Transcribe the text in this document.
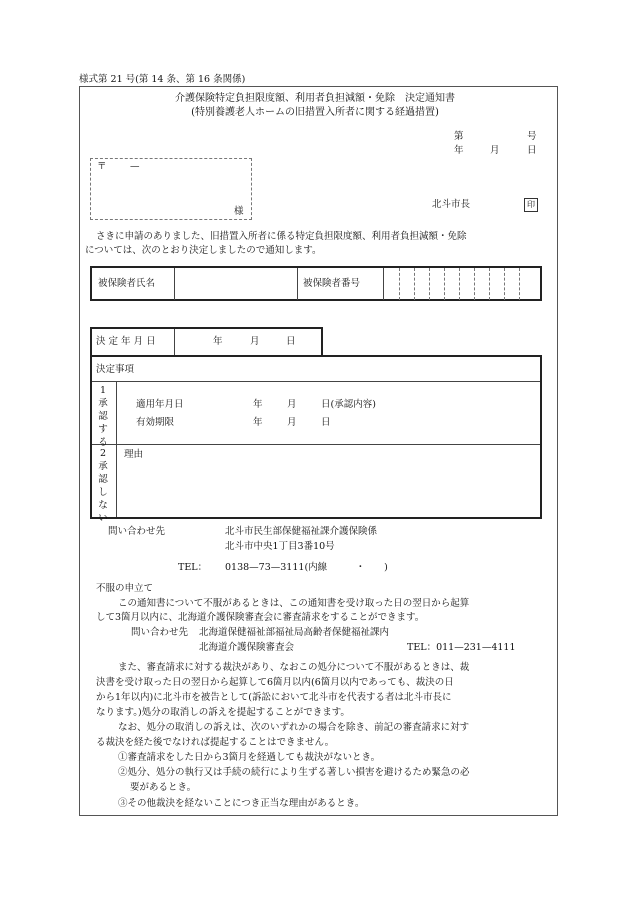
様式第 21 号(第 14 条、第 16 条関係)
介護保険特定負担限度額、利用者負担減額・免除　決定通知書
(特別養護老人ホームの旧措置入所者に関する経過措置)
第	号
年	月	日
〒 —
様
北斗市長	印
さきに申請のありました、旧措置入所者に係る特定負担限度額、利用者負担減額・免除
については、次のとおり決定しましたので通知します。
被保険者氏名	被保険者番号
決 定 年 月 日	年	月	日
決定事項
1
承
認
す
る
適用年月日	年	月	日(承認内容)
有効期限	年	月	日
2
承
認
し
な
い
理由
問い合わせ先	北斗市民生部保健福祉課介護保険係
北斗市中央1丁目3番10号
TEL： 0138—73—3111(内線　　　・　　)
不服の申立て
この通知書について不服があるときは、この通知書を受け取った日の翌日から起算
して3箇月以内に、北海道介護保険審査会に審査請求をすることができます。
問い合わせ先 北海道保健福祉部福祉局高齢者保健福祉課内
北海道介護保険審査会	TEL：011—231—4111
また、審査請求に対する裁決があり、なおこの処分について不服があるときは、裁
決書を受け取った日の翌日から起算して6箇月以内(6箇月以内であっても、裁決の日
から1年以内)に北斗市を被告として(訴訟において北斗市を代表する者は北斗市長に
なります。)処分の取消しの訴えを提起することができます。
なお、処分の取消しの訴えは、次のいずれかの場合を除き、前記の審査請求に対す
る裁決を経た後でなければ提起することはできません。
①審査請求をした日から3箇月を経過しても裁決がないとき。
②処分、処分の執行又は手続の続行により生ずる著しい損害を避けるため緊急の必
要があるとき。
③その他裁決を経ないことにつき正当な理由があるとき。
